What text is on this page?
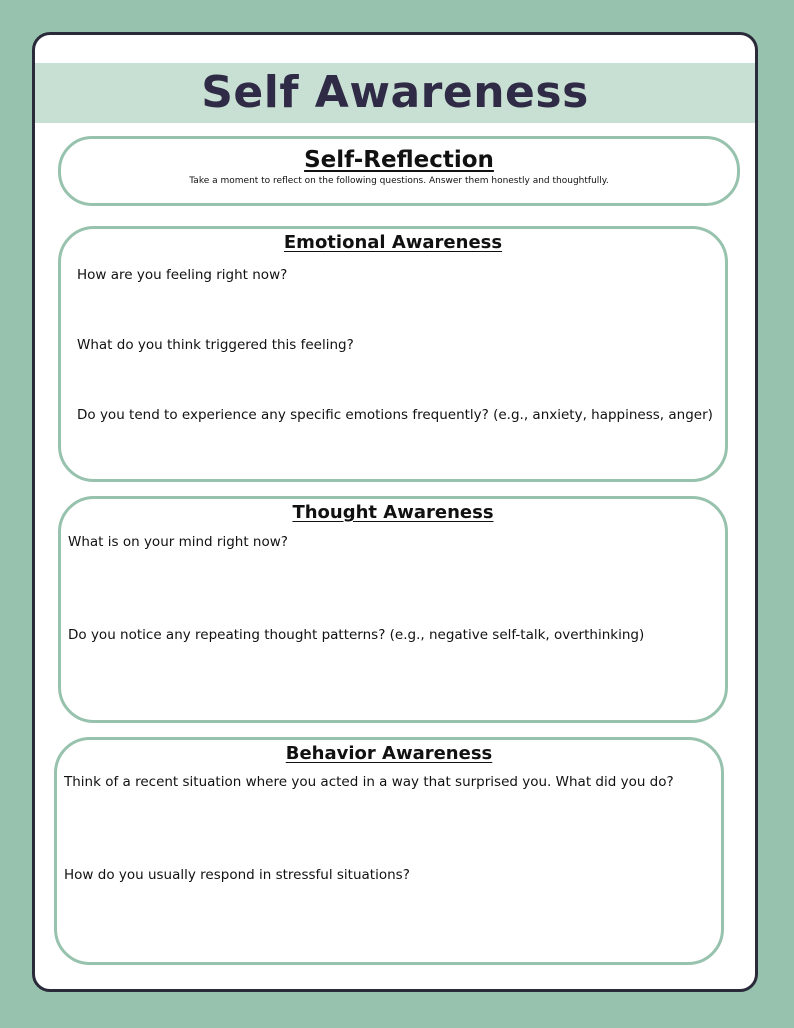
Self Awareness
Self-Reflection
Take a moment to reflect on the following questions. Answer them honestly and thoughtfully.
Emotional Awareness
How are you feeling right now?
What do you think triggered this feeling?
Do you tend to experience any specific emotions frequently? (e.g., anxiety, happiness, anger)
Thought Awareness
What is on your mind right now?
Do you notice any repeating thought patterns? (e.g., negative self-talk, overthinking)
Behavior Awareness
Think of a recent situation where you acted in a way that surprised you. What did you do?
How do you usually respond in stressful situations?
